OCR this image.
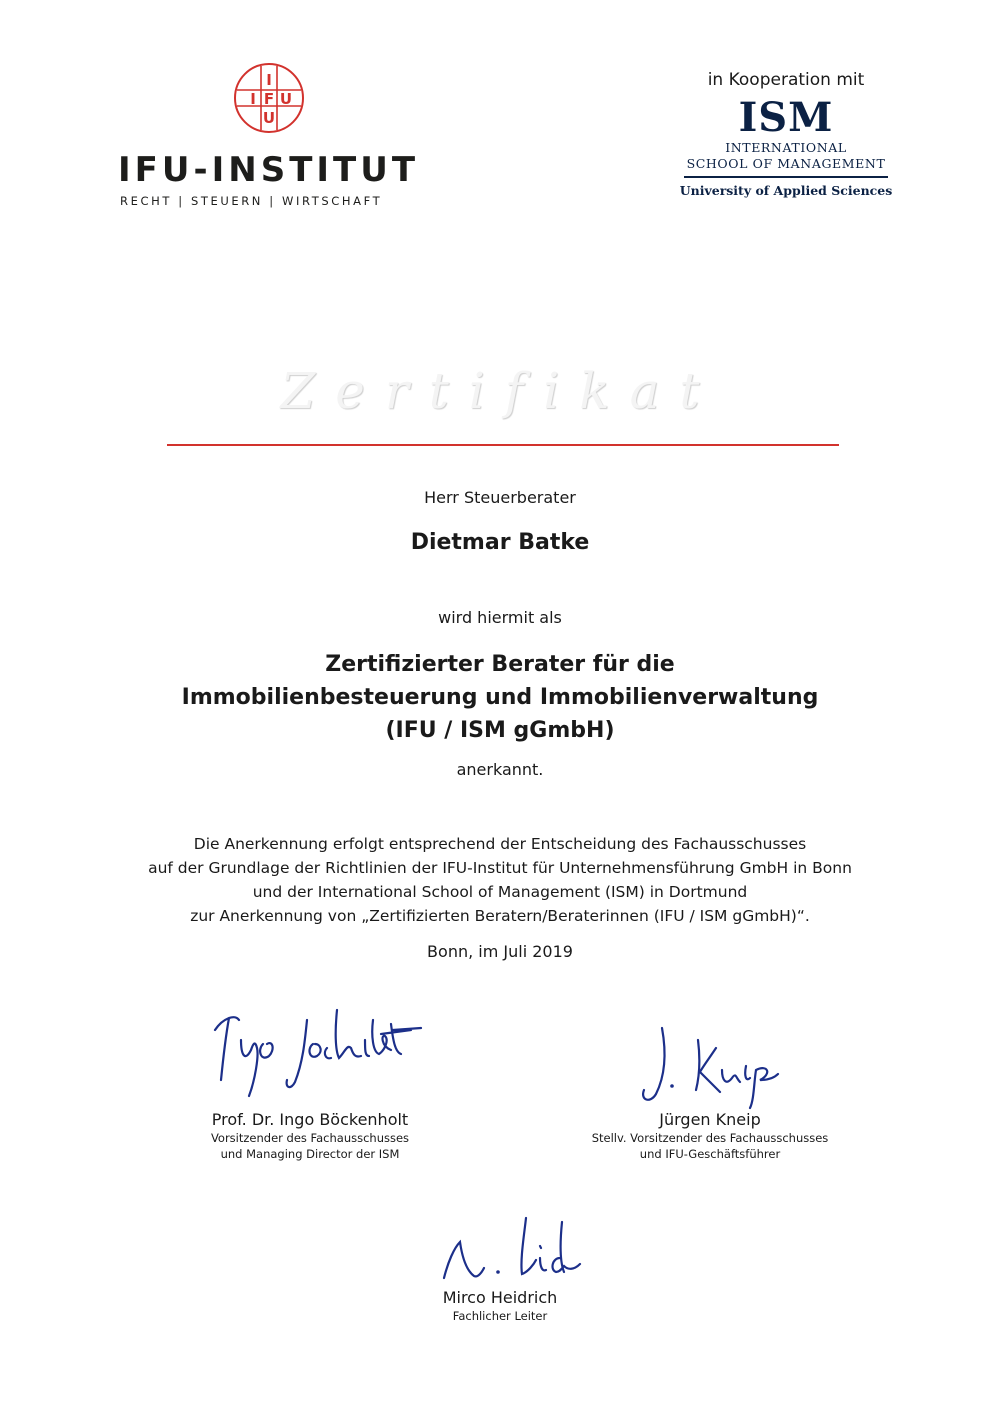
I
I F U
U
IFU-INSTITUT
RECHT | STEUERN | WIRTSCHAFT
in Kooperation mit
ISM
INTERNATIONAL
SCHOOL OF MANAGEMENT
University of Applied Sciences
Zertifikat
Herr Steuerberater
Dietmar Batke
wird hiermit als
Zertifizierter Berater für die
Immobilienbesteuerung und Immobilienverwaltung
(IFU / ISM gGmbH)
anerkannt.
Die Anerkennung erfolgt entsprechend der Entscheidung des Fachausschusses
auf der Grundlage der Richtlinien der IFU-Institut für Unternehmensführung GmbH in Bonn
und der International School of Management (ISM) in Dortmund
zur Anerkennung von „Zertifizierten Beratern/Beraterinnen (IFU / ISM gGmbH)“.
Bonn, im Juli 2019
Prof. Dr. Ingo Böckenholt
Vorsitzender des Fachausschusses
und Managing Director der ISM
Jürgen Kneip
Stellv. Vorsitzender des Fachausschusses
und IFU-Geschäftsführer
Mirco Heidrich
Fachlicher Leiter
